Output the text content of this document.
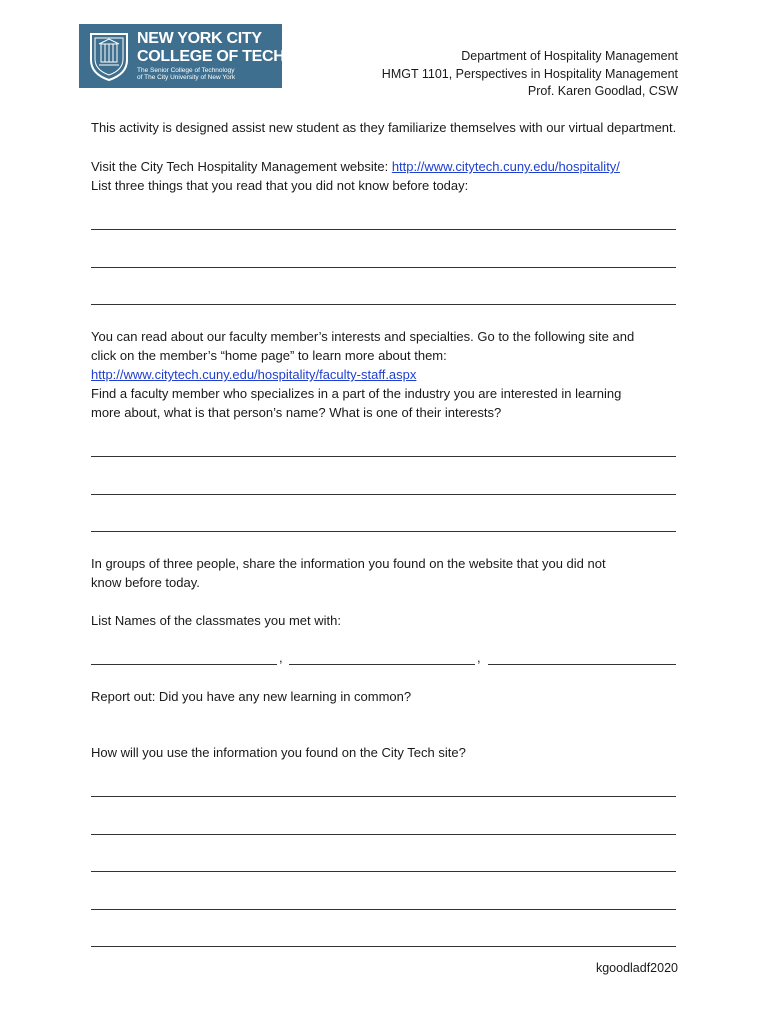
NEW YORK CITY
COLLEGE OF TECHNOLOGY
The Senior College of Technology
of The City University of New York
Department of Hospitality Management
HMGT 1101, Perspectives in Hospitality Management
Prof. Karen Goodlad, CSW
This activity is designed assist new student as they familiarize themselves with our virtual department.
Visit the City Tech Hospitality Management website: http://www.citytech.cuny.edu/hospitality/
List three things that you read that you did not know before today:
You can read about our faculty member’s interests and specialties. Go to the following site and
click on the member’s “home page” to learn more about them:
http://www.citytech.cuny.edu/hospitality/faculty-staff.aspx
Find a faculty member who specializes in a part of the industry you are interested in learning
more about, what is that person’s name? What is one of their interests?
In groups of three people, share the information you found on the website that you did not
know before today.
List Names of the classmates you met with:
,	,
Report out: Did you have any new learning in common?
How will you use the information you found on the City Tech site?
kgoodladf2020
